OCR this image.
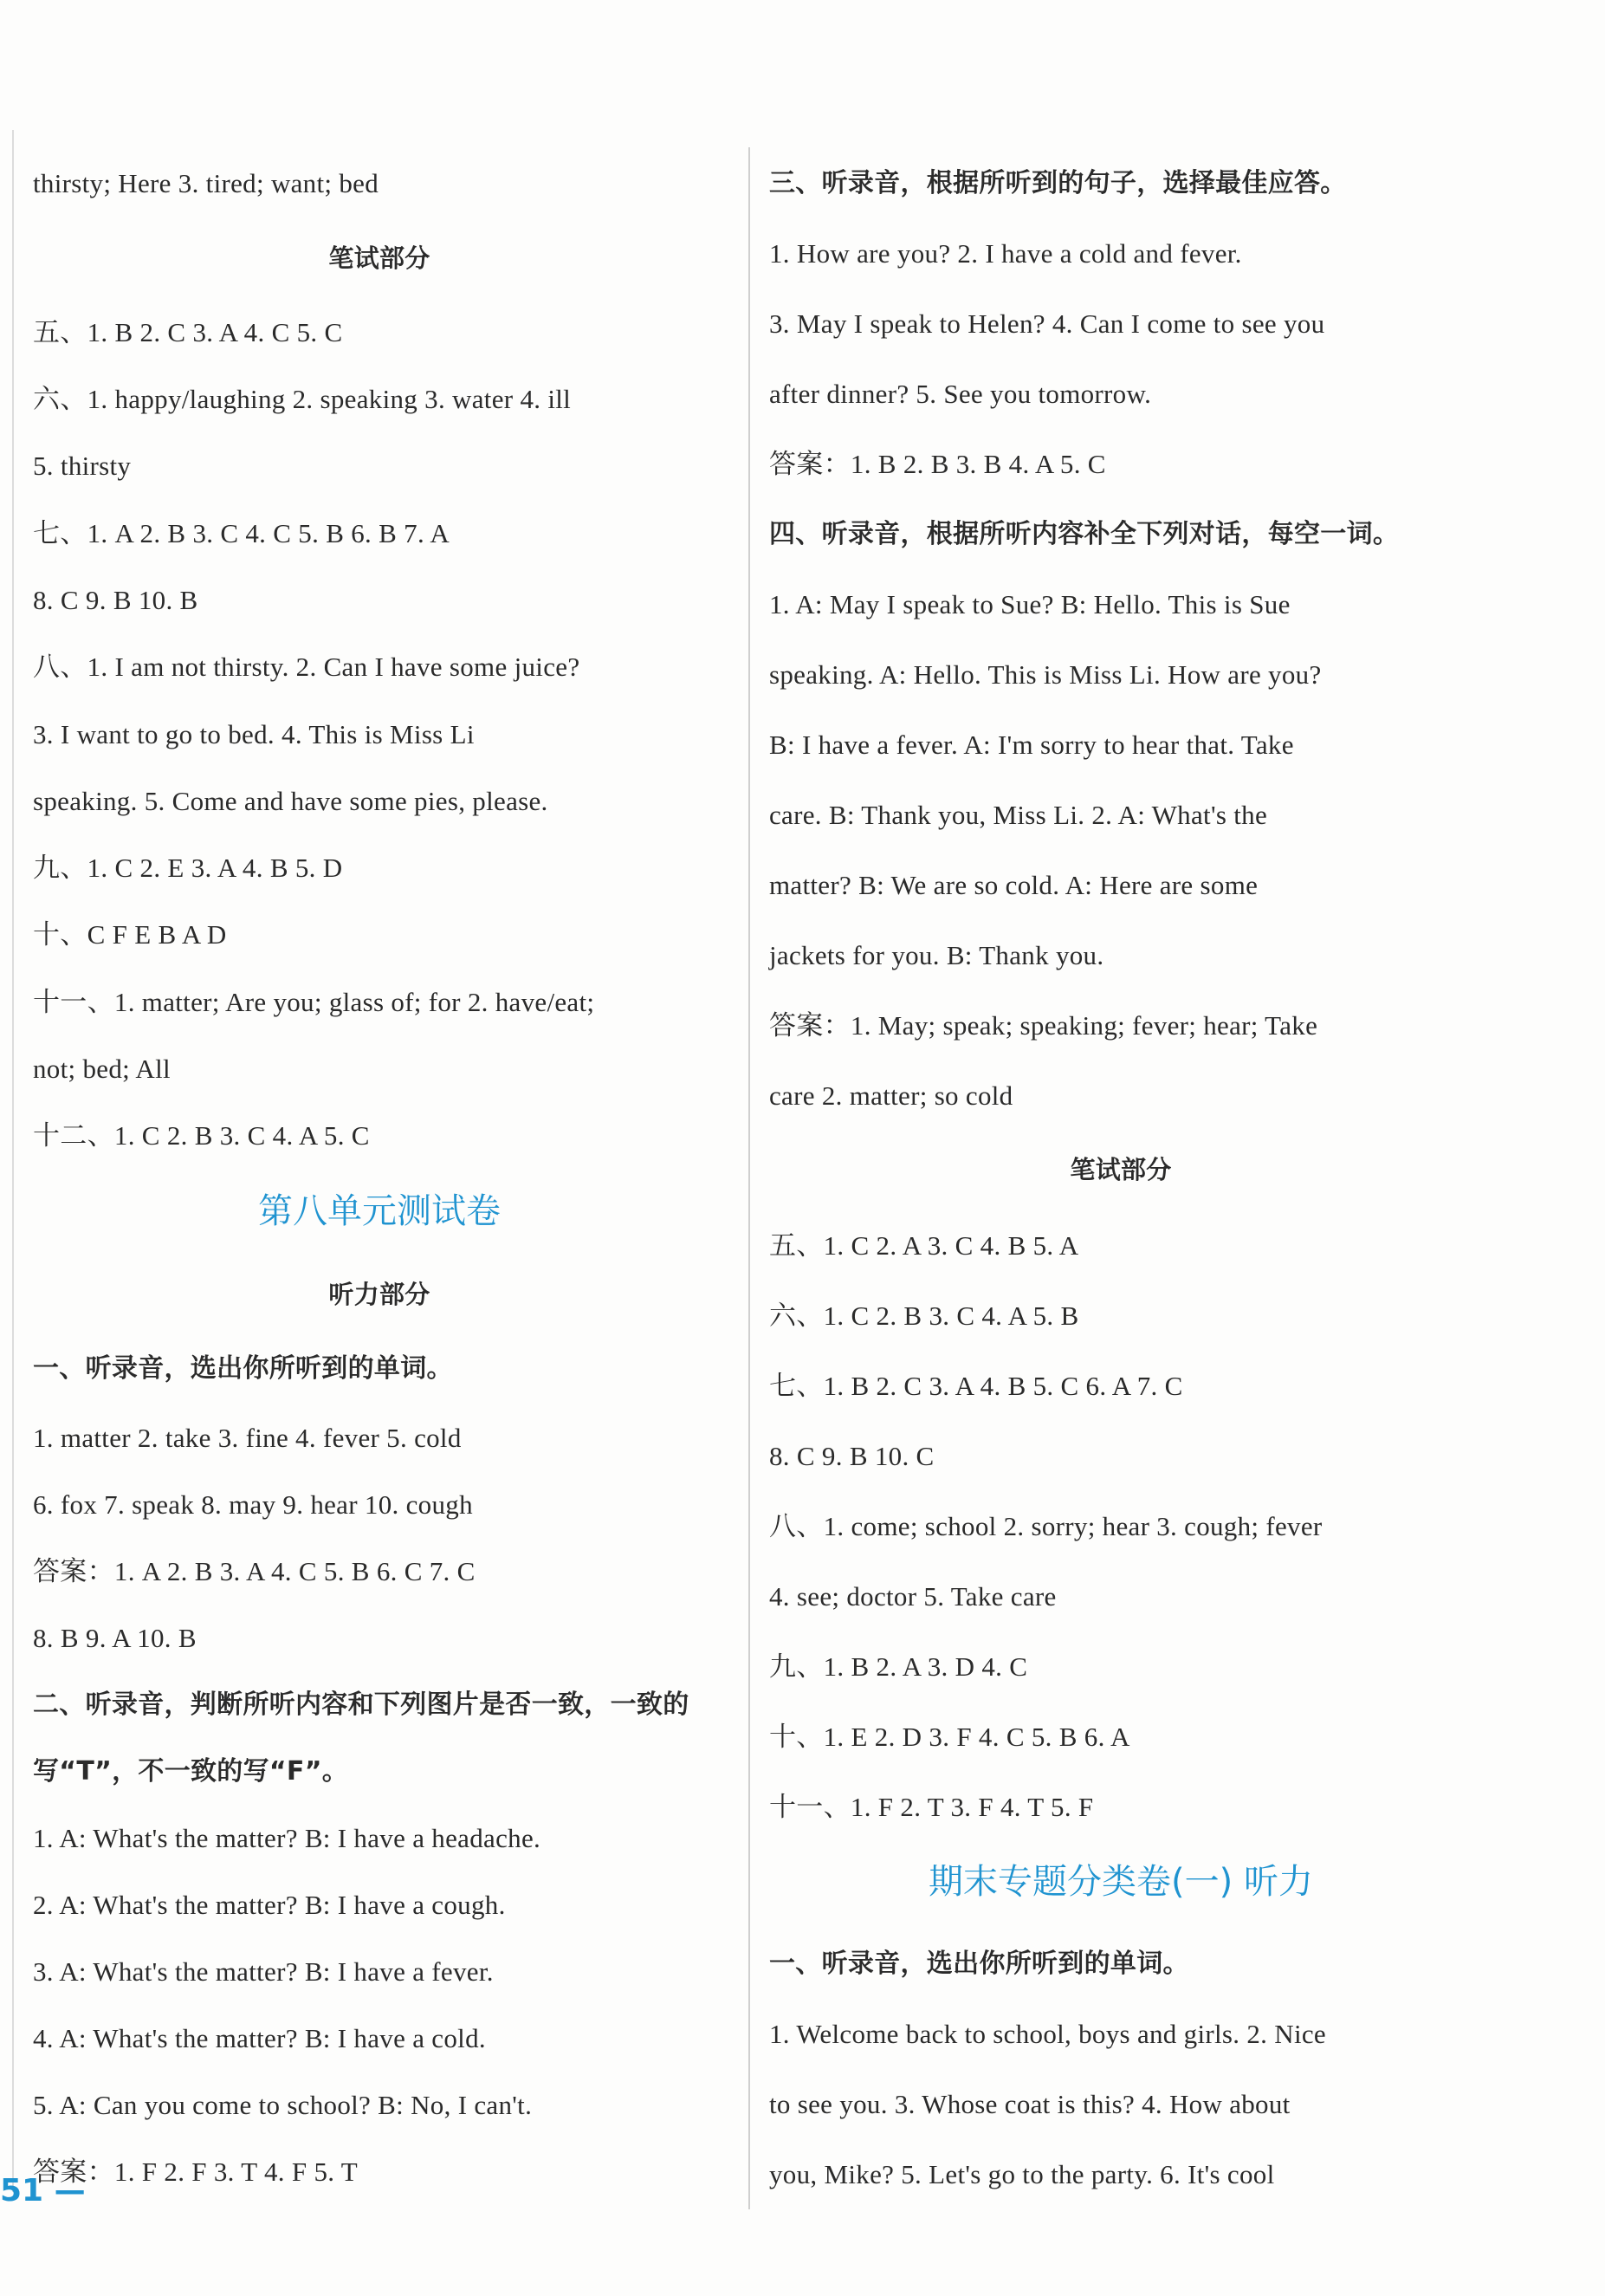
thirsty; Here 3. tired; want; bed
笔试部分
五、1. B 2. C 3. A 4. C 5. C
六、1. happy/laughing 2. speaking 3. water 4. ill
5. thirsty
七、1. A 2. B 3. C 4. C 5. B 6. B 7. A
8. C 9. B 10. B
八、1. I am not thirsty. 2. Can I have some juice?
3. I want to go to bed. 4. This is Miss Li
speaking. 5. Come and have some pies, please.
九、1. C 2. E 3. A 4. B 5. D
十、C F E B A D
十一、1. matter; Are you; glass of; for 2. have/eat;
not; bed; All
十二、1. C 2. B 3. C 4. A 5. C
第八单元测试卷
听力部分
一、听录音，选出你所听到的单词。
1. matter 2. take 3. fine 4. fever 5. cold
6. fox 7. speak 8. may 9. hear 10. cough
答案：1. A 2. B 3. A 4. C 5. B 6. C 7. C
8. B 9. A 10. B
二、听录音，判断所听内容和下列图片是否一致，一致的
写“T”，不一致的写“F”。
1. A: What's the matter? B: I have a headache.
2. A: What's the matter? B: I have a cough.
3. A: What's the matter? B: I have a fever.
4. A: What's the matter? B: I have a cold.
5. A: Can you come to school? B: No, I can't.
答案：1. F 2. F 3. T 4. F 5. T
三、听录音，根据所听到的句子，选择最佳应答。
1. How are you? 2. I have a cold and fever.
3. May I speak to Helen? 4. Can I come to see you
after dinner? 5. See you tomorrow.
答案：1. B 2. B 3. B 4. A 5. C
四、听录音，根据所听内容补全下列对话，每空一词。
1. A: May I speak to Sue? B: Hello. This is Sue
speaking. A: Hello. This is Miss Li. How are you?
B: I have a fever. A: I'm sorry to hear that. Take
care. B: Thank you, Miss Li. 2. A: What's the
matter? B: We are so cold. A: Here are some
jackets for you. B: Thank you.
答案：1. May; speak; speaking; fever; hear; Take
care 2. matter; so cold
笔试部分
五、1. C 2. A 3. C 4. B 5. A
六、1. C 2. B 3. C 4. A 5. B
七、1. B 2. C 3. A 4. B 5. C 6. A 7. C
8. C 9. B 10. C
八、1. come; school 2. sorry; hear 3. cough; fever
4. see; doctor 5. Take care
九、1. B 2. A 3. D 4. C
十、1. E 2. D 3. F 4. C 5. B 6. A
十一、1. F 2. T 3. F 4. T 5. F
期末专题分类卷(一) 听力
一、听录音，选出你所听到的单词。
1. Welcome back to school, boys and girls. 2. Nice
to see you. 3. Whose coat is this? 4. How about
you, Mike? 5. Let's go to the party. 6. It's cool
51 —
